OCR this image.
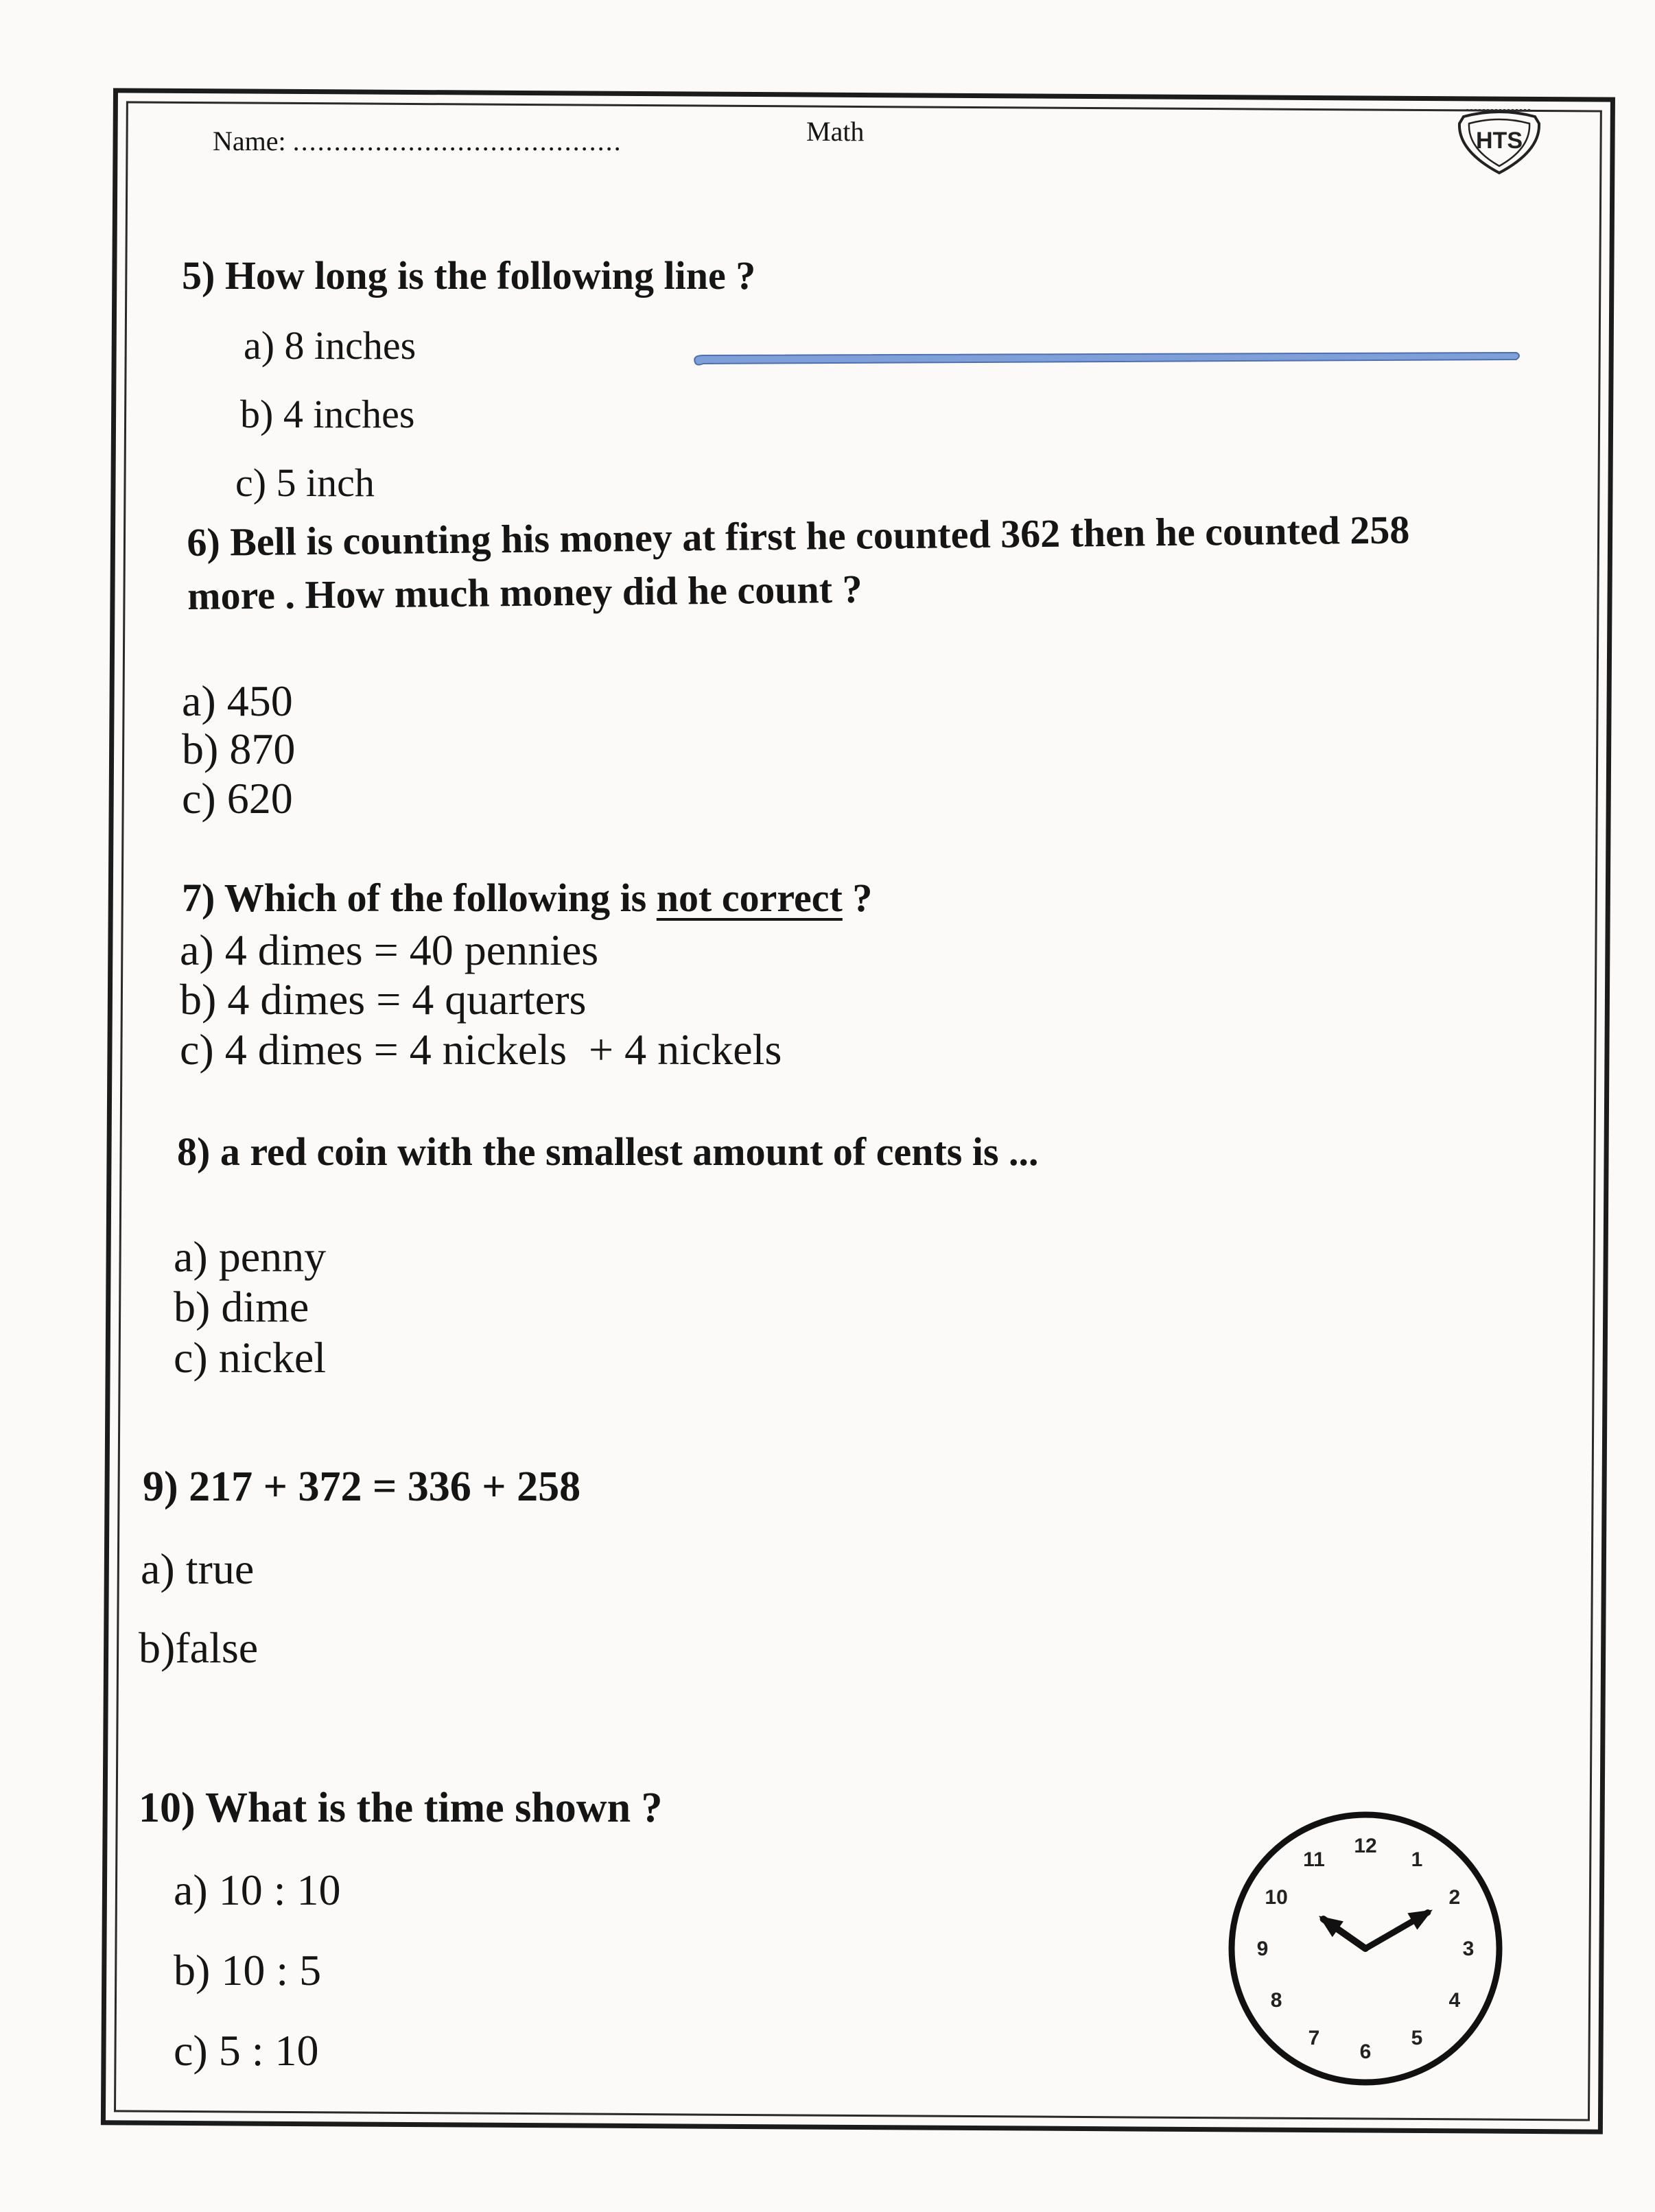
Name: ........................................	Math	HTS
5) How long is the following line ?
a) 8 inches
b) 4 inches
c) 5 inch
6) Bell is counting his money at first he counted 362 then he counted 258 more . How much money did he count ?
a) 450
b) 870
c) 620
7) Which of the following is not correct ?
a) 4 dimes = 40 pennies
b) 4 dimes = 4 quarters
c) 4 dimes = 4 nickels  + 4 nickels
8) a red coin with the smallest amount of cents is ...
a) penny
b) dime
c) nickel
9) 217 + 372 = 336 + 258
a) true
b)false
10) What is the time shown ?
a) 10 : 10
b) 10 : 5
c) 5 : 10
11
12
1
2
3
4
5
6
7
8
9
10
